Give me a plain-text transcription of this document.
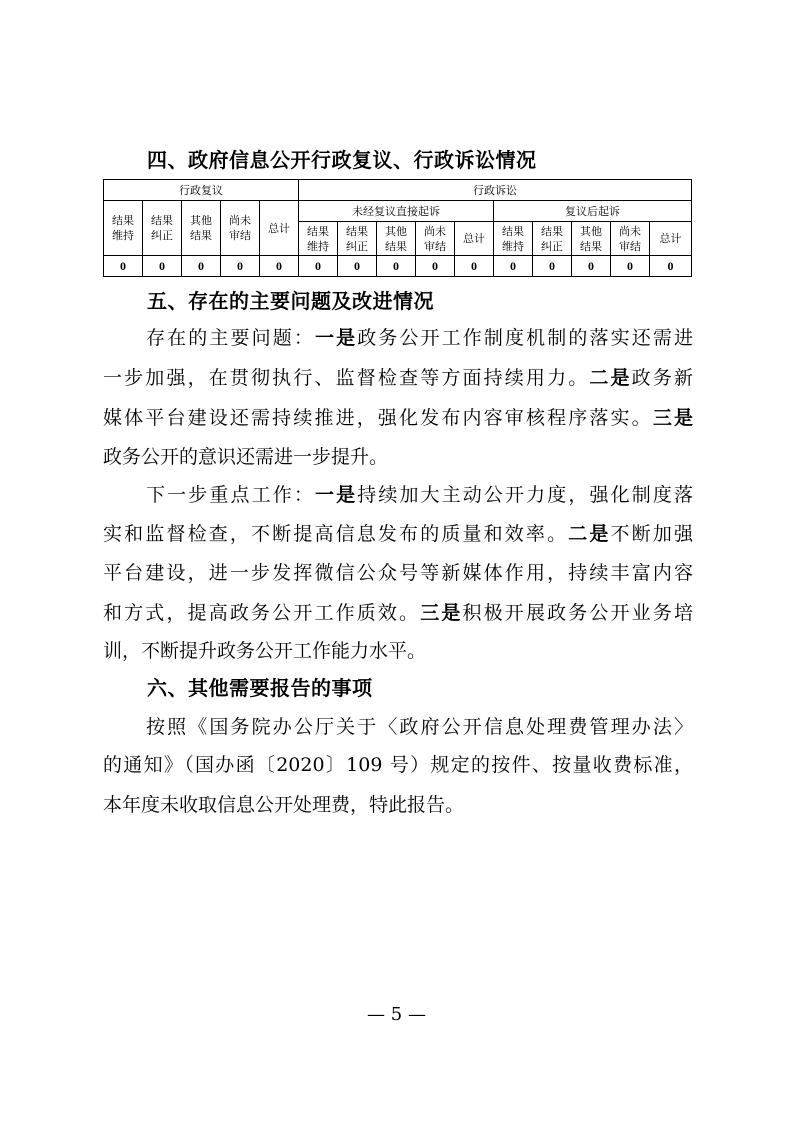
四、政府信息公开行政复议、行政诉讼情况
行政复议					行政诉讼									
结果维持	结果纠正	其他结果	尚未审结	总计	未经复议直接起诉					复议后起诉				
					结果维持	结果纠正	其他结果	尚未审结	总计	结果维持	结果纠正	其他结果	尚未审结	总计
0	0	0	0	0	0	0	0	0	0	0	0	0	0	0
五、存在的主要问题及改进情况
存在的主要问题：一是政务公开工作制度机制的落实还需进
一步加强，在贯彻执行、监督检查等方面持续用力。二是政务新
媒体平台建设还需持续推进，强化发布内容审核程序落实。三是
政务公开的意识还需进一步提升。
下一步重点工作：一是持续加大主动公开力度，强化制度落
实和监督检查，不断提高信息发布的质量和效率。二是不断加强
平台建设，进一步发挥微信公众号等新媒体作用，持续丰富内容
和方式，提高政务公开工作质效。三是积极开展政务公开业务培
训，不断提升政务公开工作能力水平。
六、其他需要报告的事项
按照《国务院办公厅关于〈政府公开信息处理费管理办法〉
的通知》（国办函〔2020〕109 号）规定的按件、按量收费标准，
本年度未收取信息公开处理费，特此报告。
— 5 —
